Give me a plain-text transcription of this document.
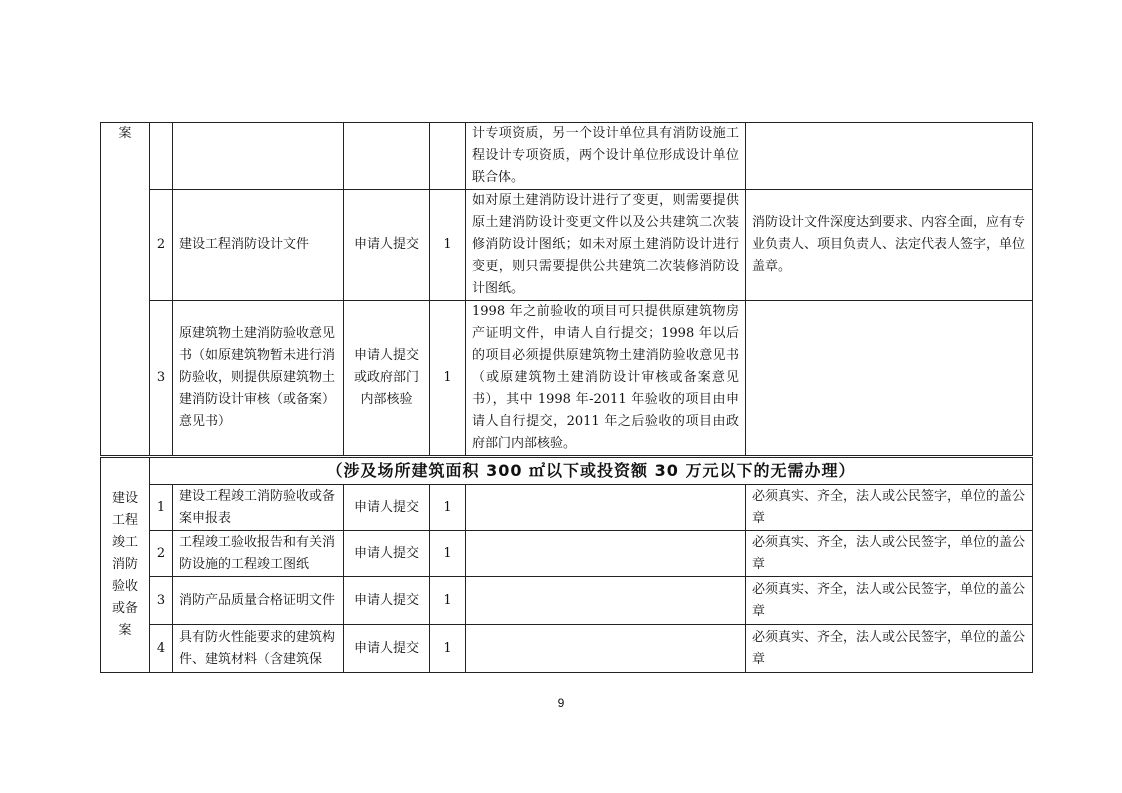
案					计专项资质，另一个设计单位具有消防设施工程设计专项资质，两个设计单位形成设计单位联合体。	
	2	建设工程消防设计文件	申请人提交	1	如对原土建消防设计进行了变更，则需要提供原土建消防设计变更文件以及公共建筑二次装修消防设计图纸；如未对原土建消防设计进行变更，则只需要提供公共建筑二次装修消防设计图纸。	消防设计文件深度达到要求、内容全面，应有专业负责人、项目负责人、法定代表人签字，单位盖章。
	3	原建筑物土建消防验收意见书（如原建筑物暂未进行消防验收，则提供原建筑物土建消防设计审核（或备案）意见书）	申请人提交或政府部门内部核验	1	1998 年之前验收的项目可只提供原建筑物房产证明文件，申请人自行提交；1998 年以后的项目必须提供原建筑物土建消防验收意见书（或原建筑物土建消防设计审核或备案意见书），其中 1998 年-2011 年验收的项目由申请人自行提交，2011 年之后验收的项目由政府部门内部核验。	

建设工程竣工消防验收或备案	（涉及场所建筑面积 300 ㎡以下或投资额 30 万元以下的无需办理）					
	1	建设工程竣工消防验收或备案申报表	申请人提交	1		必须真实、齐全，法人或公民签字，单位的盖公章
	2	工程竣工验收报告和有关消防设施的工程竣工图纸	申请人提交	1		必须真实、齐全，法人或公民签字，单位的盖公章
	3	消防产品质量合格证明文件	申请人提交	1		必须真实、齐全，法人或公民签字，单位的盖公章
	4	具有防火性能要求的建筑构件、建筑材料（含建筑保	申请人提交	1		必须真实、齐全，法人或公民签字，单位的盖公章
9
